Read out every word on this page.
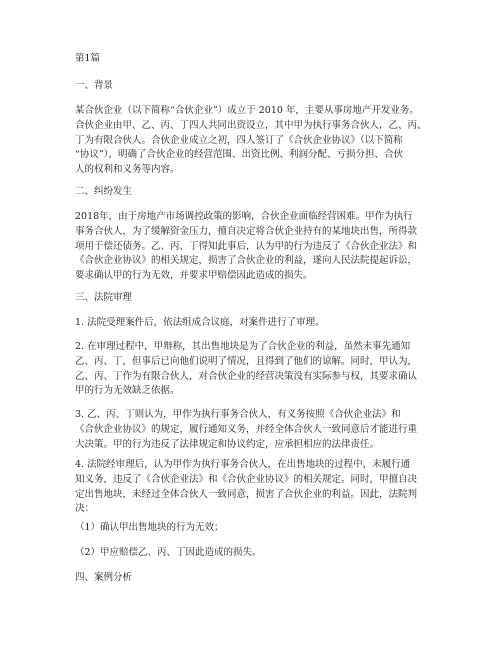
第1篇
一、背景
某合伙企业（以下简称“合伙企业”）成立于 2010 年，主要从事房地产开发业务。
合伙企业由甲、乙、丙、丁四人共同出资设立，其中甲为执行事务合伙人，乙、丙、
丁为有限合伙人。合伙企业成立之初，四人签订了《合伙企业协议》（以下简称
“协议”），明确了合伙企业的经营范围、出资比例、利润分配、亏损分担、合伙
人的权利和义务等内容。
二、纠纷发生
2018年，由于房地产市场调控政策的影响，合伙企业面临经营困难。甲作为执行
事务合伙人，为了缓解资金压力，擅自决定将合伙企业持有的某地块出售，所得款
项用于偿还债务。乙、丙、丁得知此事后，认为甲的行为违反了《合伙企业法》和
《合伙企业协议》的相关规定，损害了合伙企业的利益，遂向人民法院提起诉讼，
要求确认甲的行为无效，并要求甲赔偿因此造成的损失。
三、法院审理
1. 法院受理案件后，依法组成合议庭，对案件进行了审理。
2. 在审理过程中，甲辩称，其出售地块是为了合伙企业的利益，虽然未事先通知
乙、丙、丁，但事后已向他们说明了情况，且得到了他们的谅解。同时，甲认为，
乙、丙、丁作为有限合伙人，对合伙企业的经营决策没有实际参与权，其要求确认
甲的行为无效缺乏依据。
3. 乙、丙、丁则认为，甲作为执行事务合伙人，有义务按照《合伙企业法》和
《合伙企业协议》的规定，履行通知义务，并经全体合伙人一致同意后才能进行重
大决策。甲的行为违反了法律规定和协议约定，应承担相应的法律责任。
4. 法院经审理后，认为甲作为执行事务合伙人，在出售地块的过程中，未履行通
知义务，违反了《合伙企业法》和《合伙企业协议》的相关规定。同时，甲擅自决
定出售地块，未经过全体合伙人一致同意，损害了合伙企业的利益。因此，法院判
决：
（1）确认甲出售地块的行为无效；
（2）甲应赔偿乙、丙、丁因此造成的损失。
四、案例分析
